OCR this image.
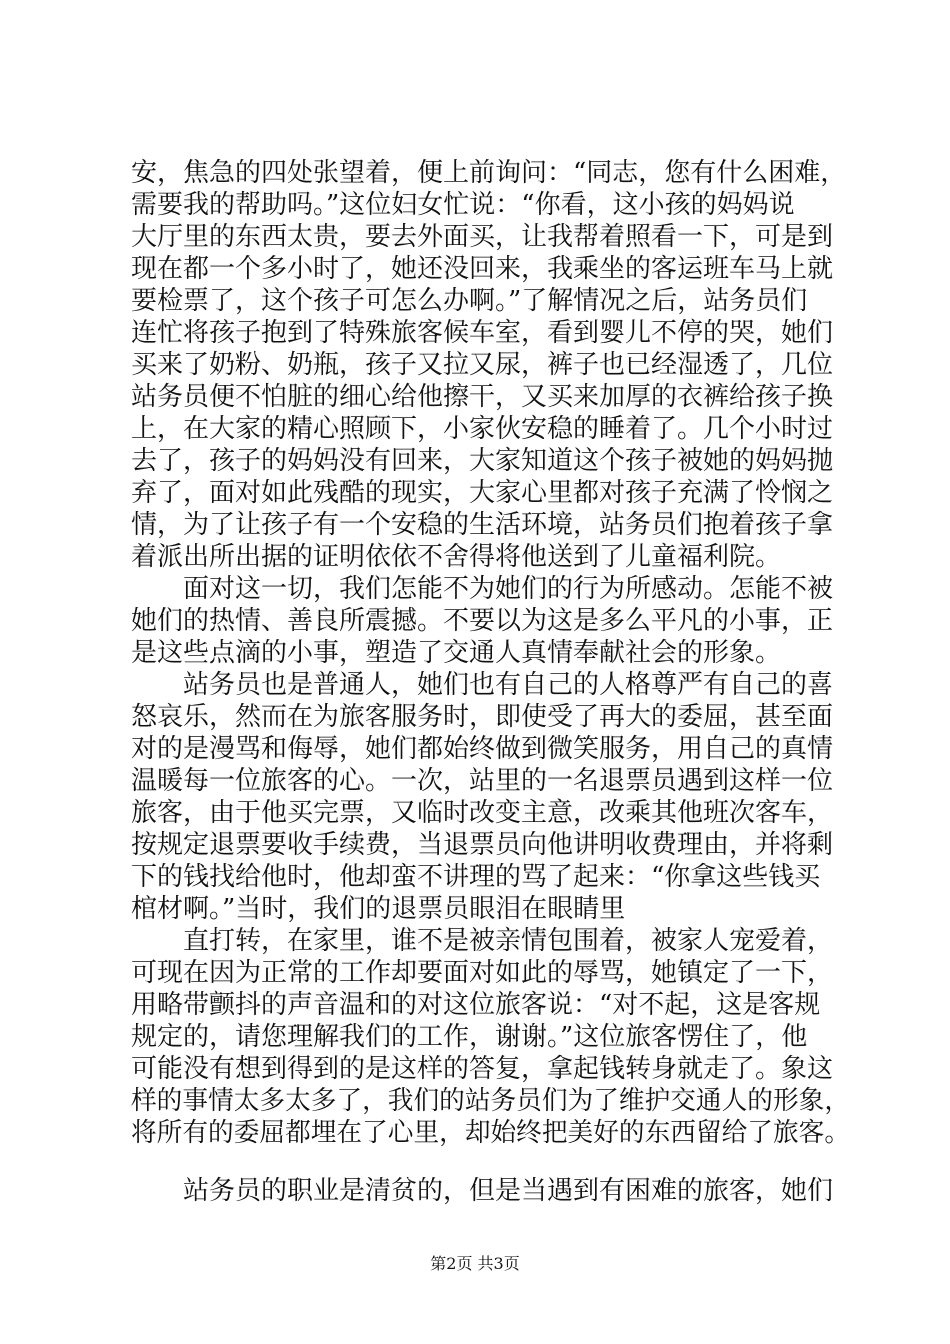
安，焦急的四处张望着，便上前询问：“同志，您有什么困难，
需要我的帮助吗。”这位妇女忙说：“你看，这小孩的妈妈说
大厅里的东西太贵，要去外面买，让我帮着照看一下，可是到
现在都一个多小时了，她还没回来，我乘坐的客运班车马上就
要检票了，这个孩子可怎么办啊。”了解情况之后，站务员们
连忙将孩子抱到了特殊旅客候车室，看到婴儿不停的哭，她们
买来了奶粉、奶瓶，孩子又拉又尿，裤子也已经湿透了，几位
站务员便不怕脏的细心给他擦干，又买来加厚的衣裤给孩子换
上，在大家的精心照顾下，小家伙安稳的睡着了。几个小时过
去了，孩子的妈妈没有回来，大家知道这个孩子被她的妈妈抛
弃了，面对如此残酷的现实，大家心里都对孩子充满了怜悯之
情，为了让孩子有一个安稳的生活环境，站务员们抱着孩子拿
着派出所出据的证明依依不舍得将他送到了儿童福利院。
　　面对这一切，我们怎能不为她们的行为所感动。怎能不被
她们的热情、善良所震撼。不要以为这是多么平凡的小事，正
是这些点滴的小事，塑造了交通人真情奉献社会的形象。
　　站务员也是普通人，她们也有自己的人格尊严有自己的喜
怒哀乐，然而在为旅客服务时，即使受了再大的委屈，甚至面
对的是漫骂和侮辱，她们都始终做到微笑服务，用自己的真情
温暖每一位旅客的心。一次，站里的一名退票员遇到这样一位
旅客，由于他买完票，又临时改变主意，改乘其他班次客车，
按规定退票要收手续费，当退票员向他讲明收费理由，并将剩
下的钱找给他时，他却蛮不讲理的骂了起来：“你拿这些钱买
棺材啊。”当时，我们的退票员眼泪在眼睛里
　　直打转，在家里，谁不是被亲情包围着，被家人宠爱着，
可现在因为正常的工作却要面对如此的辱骂，她镇定了一下，
用略带颤抖的声音温和的对这位旅客说：“对不起，这是客规
规定的，请您理解我们的工作，谢谢。”这位旅客愣住了，他
可能没有想到得到的是这样的答复，拿起钱转身就走了。象这
样的事情太多太多了，我们的站务员们为了维护交通人的形象，
将所有的委屈都埋在了心里，却始终把美好的东西留给了旅客。
　　站务员的职业是清贫的，但是当遇到有困难的旅客，她们
第2页 共3页
